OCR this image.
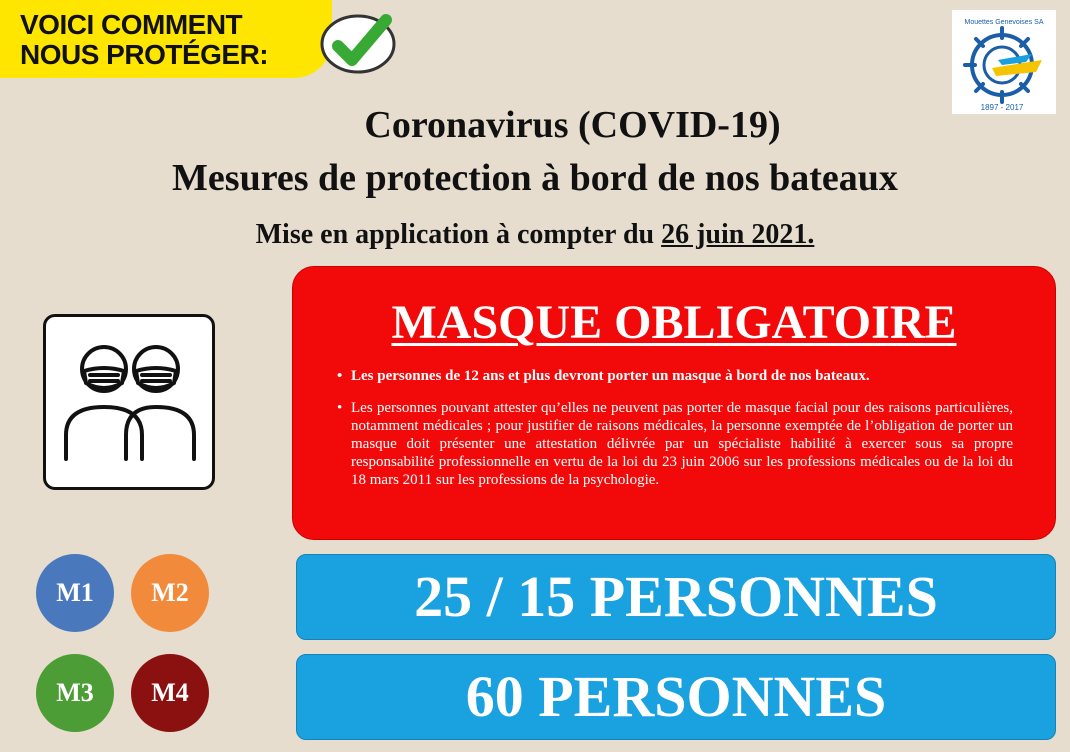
VOICI COMMENT
NOUS PROTÉGER:
1897 - 2017
Mouettes Genevoises SA
Coronavirus (COVID-19)
Mesures de protection à bord de nos bateaux
Mise en application à compter du 26 juin 2021.
MASQUE OBLIGATOIRE
• Les personnes de 12 ans et plus devront porter un masque à bord de nos bateaux.
• Les personnes pouvant attester qu’elles ne peuvent pas porter de masque facial pour des raisons particulières, notamment médicales ; pour justifier de raisons médicales, la personne exemptée de l’obligation de porter un masque doit présenter une attestation délivrée par un spécialiste habilité à exercer sous sa propre responsabilité professionnelle en vertu de la loi du 23 juin 2006 sur les professions médicales ou de la loi du 18 mars 2011 sur les professions de la psychologie.
M1	M2
M3	M4
25 / 15 PERSONNES
60 PERSONNES
